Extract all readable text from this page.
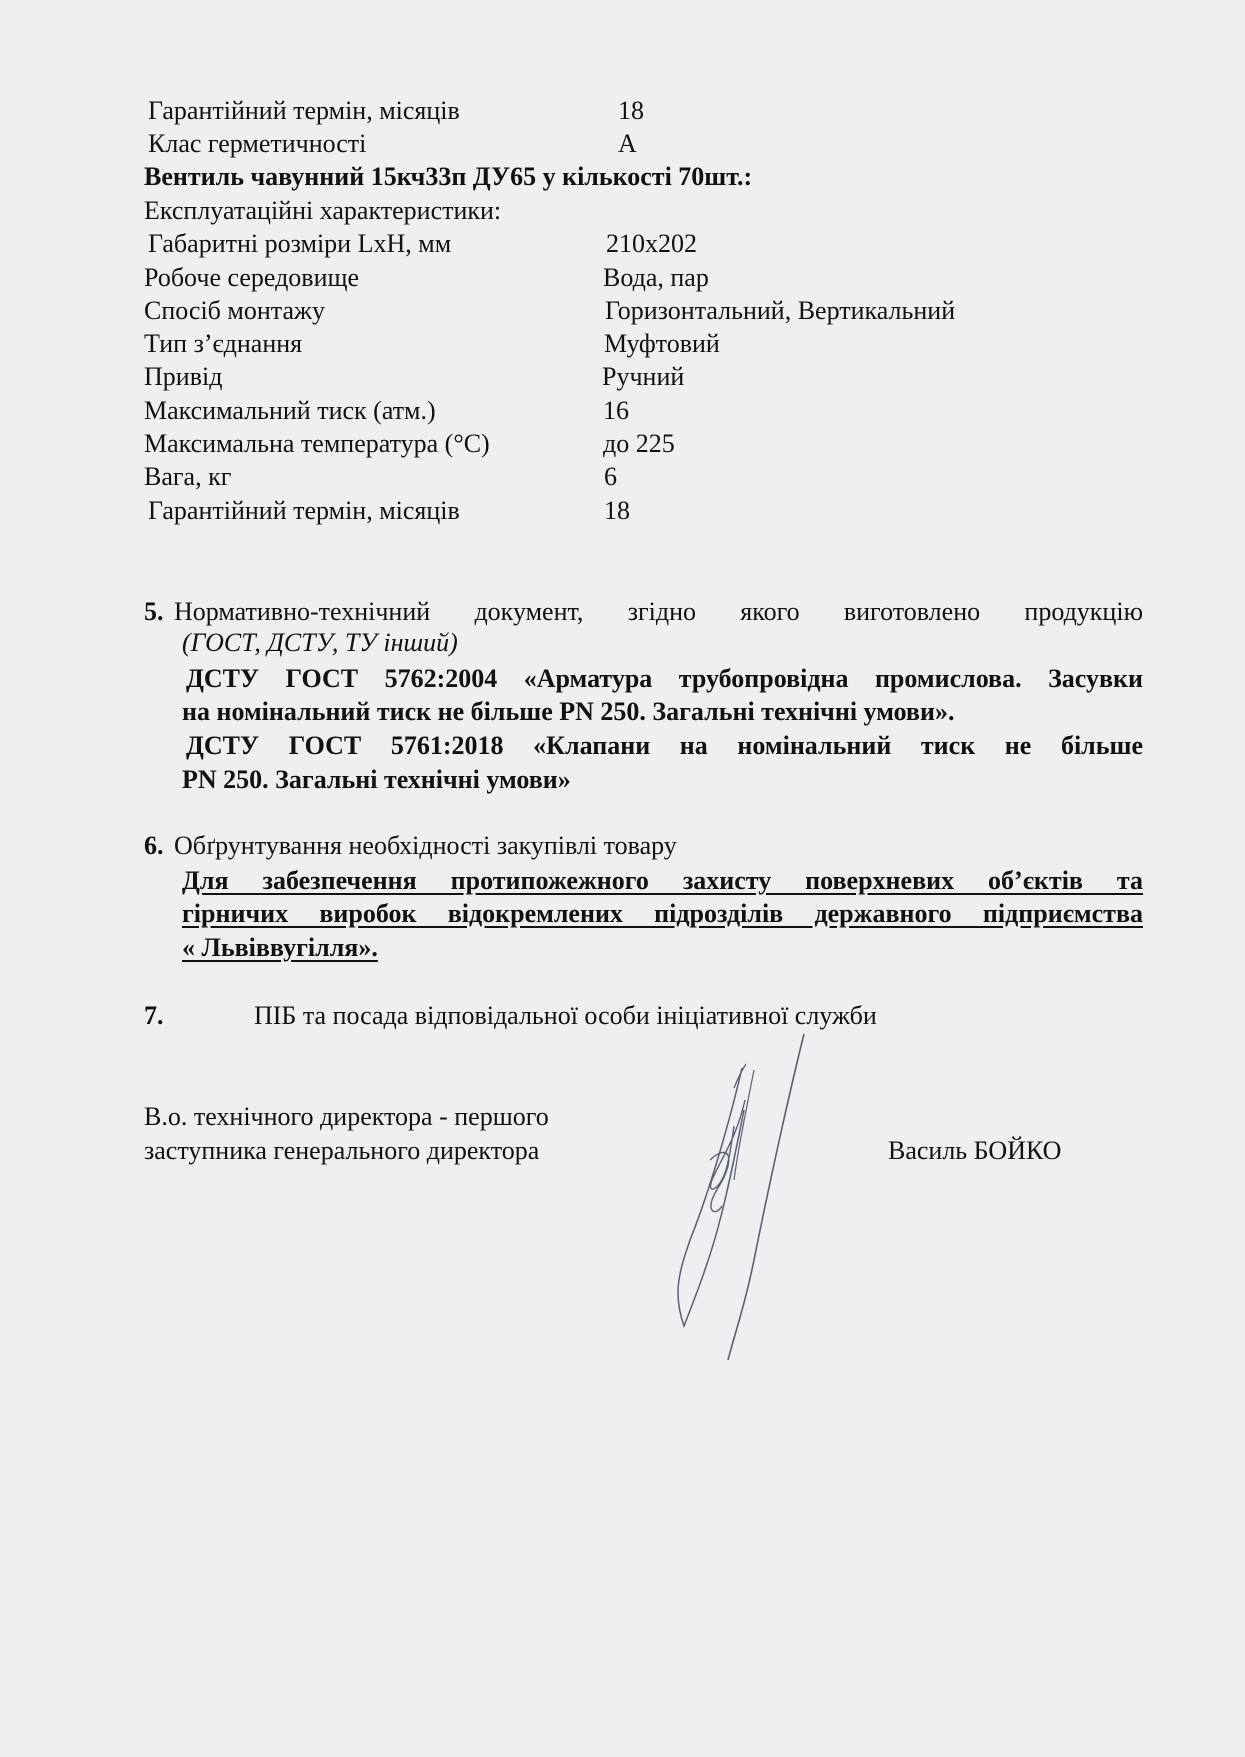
Гарантійний термін, місяців	18
Клас герметичності	А
Вентиль чавунний 15кч33п ДУ65 у кількості 70шт.:
Експлуатаційні характеристики:
Габаритні розміри LxH, мм	210x202
Робоче середовище	Вода, пар
Спосіб монтажу	Горизонтальний, Вертикальний
Тип з’єднання	Муфтовий
Привід	Ручний
Максимальний тиск (атм.)	16
Максимальна температура (°С)	до 225
Вага, кг	6
Гарантійний термін, місяців	18
5. Нормативно-технічний документ, згідно якого виготовлено продукцію
(ГОСТ, ДСТУ, ТУ інший)
ДСТУ ГОСТ 5762:2004 «Арматура трубопровідна промислова. Засувки
на номінальний тиск не більше PN 250. Загальні технічні умови».
ДСТУ ГОСТ 5761:2018 «Клапани на номінальний тиск не більше
PN 250. Загальні технічні умови»
6. Обґрунтування необхідності закупівлі товару
Для забезпечення протипожежного захисту поверхневих об’єктів та
гірничих виробок відокремлених підрозділів державного підприємства
« Львіввугілля».
7.	ПІБ та посада відповідальної особи ініціативної служби
В.о. технічного директора - першого
заступника генерального директора	Василь БОЙКО
